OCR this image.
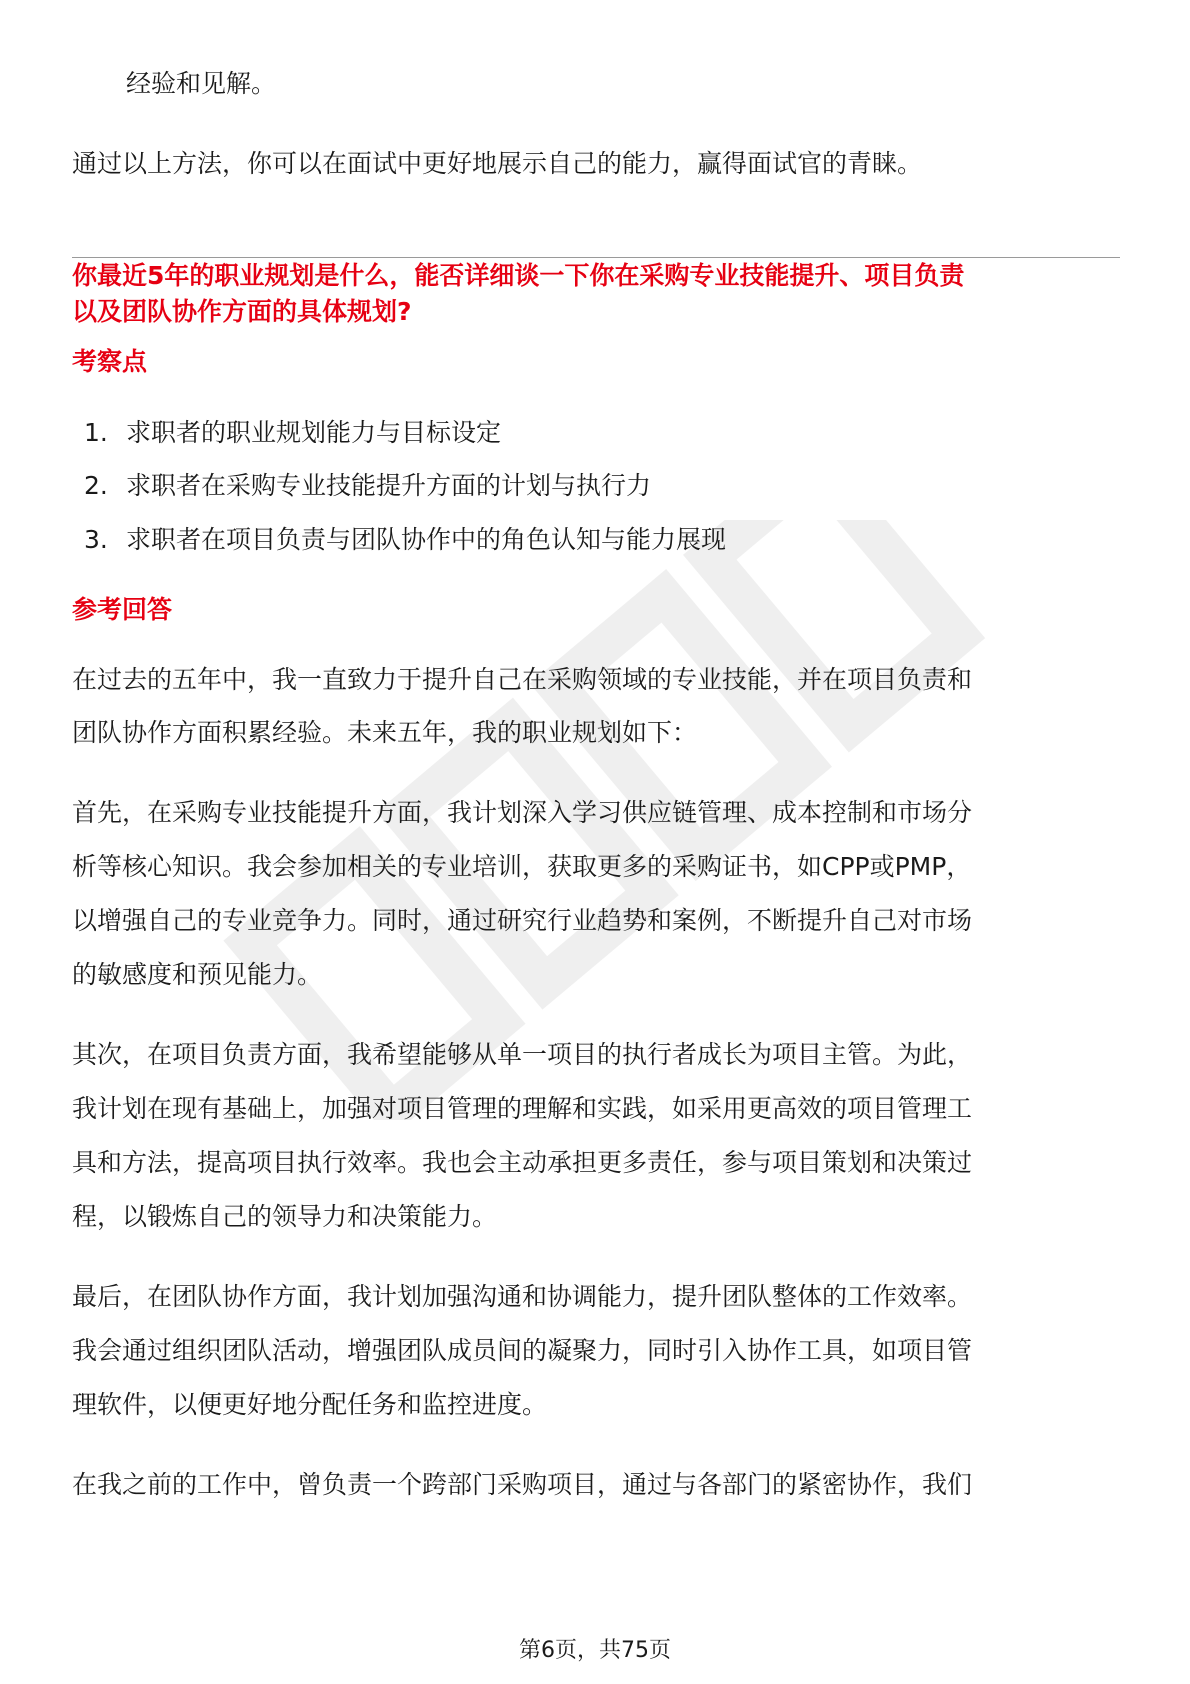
经验和见解。
通过以上方法，你可以在面试中更好地展示自己的能力，赢得面试官的青睐。
你最近5年的职业规划是什么，能否详细谈一下你在采购专业技能提升、项目负责
以及团队协作方面的具体规划?
考察点
1. 求职者的职业规划能力与目标设定
2. 求职者在采购专业技能提升方面的计划与执行力
3. 求职者在项目负责与团队协作中的角色认知与能力展现
参考回答
在过去的五年中，我一直致力于提升自己在采购领域的专业技能，并在项目负责和
团队协作方面积累经验。未来五年，我的职业规划如下：
首先，在采购专业技能提升方面，我计划深入学习供应链管理、成本控制和市场分
析等核心知识。我会参加相关的专业培训，获取更多的采购证书，如CPP或PMP，
以增强自己的专业竞争力。同时，通过研究行业趋势和案例，不断提升自己对市场
的敏感度和预见能力。
其次，在项目负责方面，我希望能够从单一项目的执行者成长为项目主管。为此，
我计划在现有基础上，加强对项目管理的理解和实践，如采用更高效的项目管理工
具和方法，提高项目执行效率。我也会主动承担更多责任，参与项目策划和决策过
程，以锻炼自己的领导力和决策能力。
最后，在团队协作方面，我计划加强沟通和协调能力，提升团队整体的工作效率。
我会通过组织团队活动，增强团队成员间的凝聚力，同时引入协作工具，如项目管
理软件，以便更好地分配任务和监控进度。
在我之前的工作中，曾负责一个跨部门采购项目，通过与各部门的紧密协作，我们
第6页，共75页
